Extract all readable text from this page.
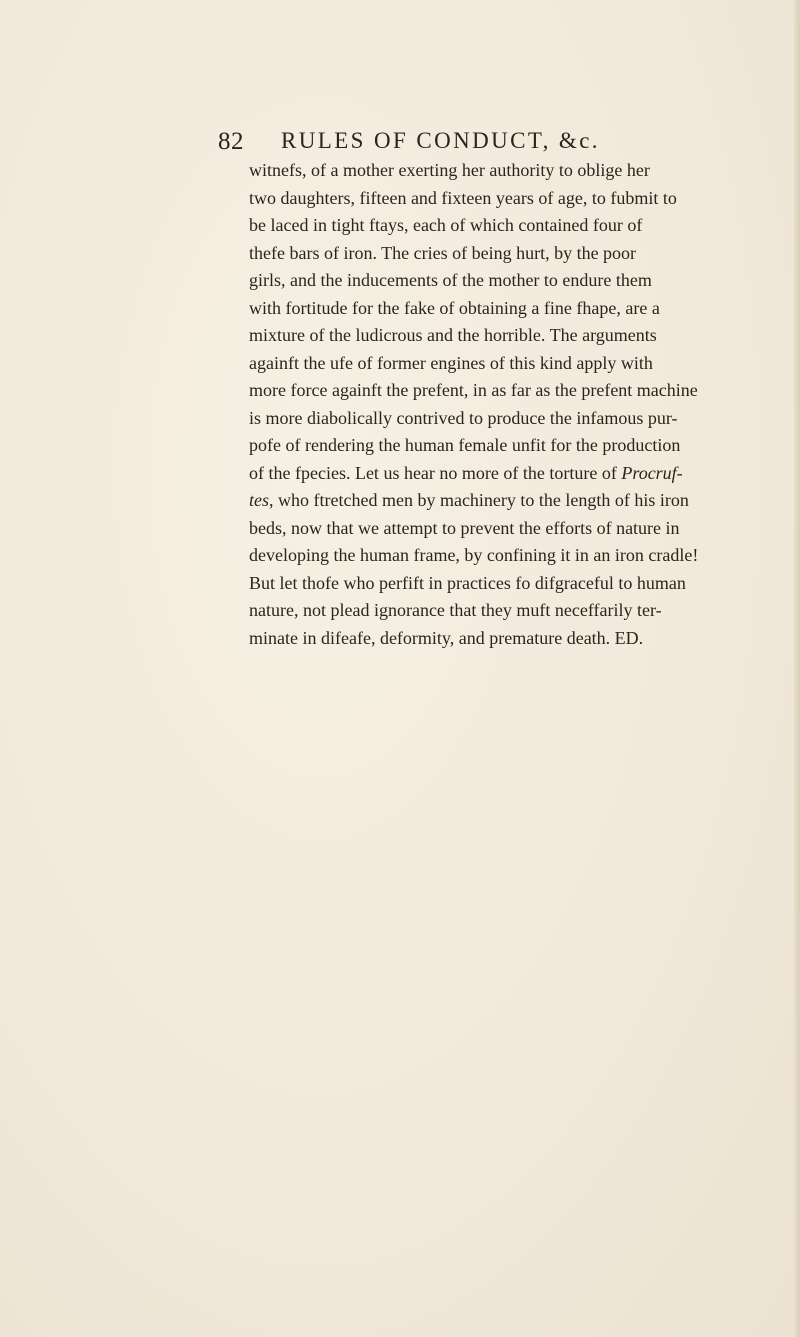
82 RULES OF CONDUCT, &c.
witnefs, of a mother exerting her authority to oblige her
two daughters, fifteen and fixteen years of age, to fubmit to
be laced in tight ftays, each of which contained four of
thefe bars of iron. The cries of being hurt, by the poor
girls, and the inducements of the mother to endure them
with fortitude for the fake of obtaining a fine fhape, are a
mixture of the ludicrous and the horrible. The arguments
againft the ufe of former engines of this kind apply with
more force againft the prefent, in as far as the prefent machine
is more diabolically contrived to produce the infamous pur-
pofe of rendering the human female unfit for the production
of the fpecies. Let us hear no more of the torture of Procruf-
tes, who ftretched men by machinery to the length of his iron
beds, now that we attempt to prevent the efforts of nature in
developing the human frame, by confining it in an iron cradle!
But let thofe who perfift in practices fo difgraceful to human
nature, not plead ignorance that they muft neceffarily ter-
minate in difeafe, deformity, and premature death. ED.
